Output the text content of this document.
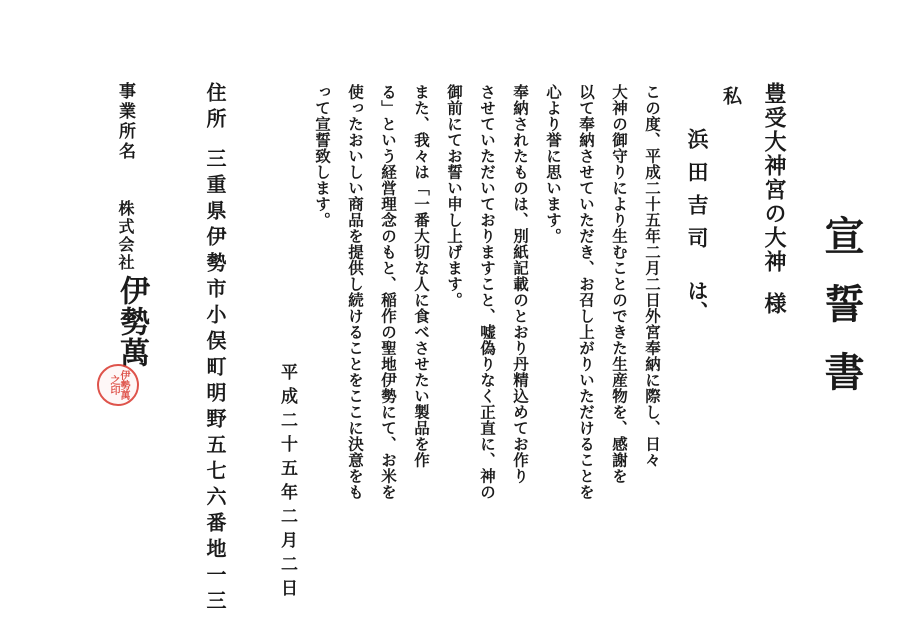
宣誓書
豊受大神宮の大神様
私
浜田吉司は、
この度、平成二十五年二月二日外宮奉納に際し、日々
大神の御守りにより生むことのできた生産物を、感謝を
以て奉納させていただき、お召し上がりいただけることを
心より誉に思います。
奉納されたものは、別紙記載のとおり丹精込めてお作り
させていただいておりますこと、嘘偽りなく正直に、神の
御前にてお誓い申し上げます。
また、我々は「一番大切な人に食べさせたい製品を作
る」という経営理念のもと、稲作の聖地伊勢にて、お米を
使ったおいしい商品を提供し続けることをここに決意をも
って宣誓致します。
平成二十五年二月二日
住所三重県伊勢市小俣町明野五七六番地一三
事業所名
株式会社
伊勢萬
伊勢萬之印
